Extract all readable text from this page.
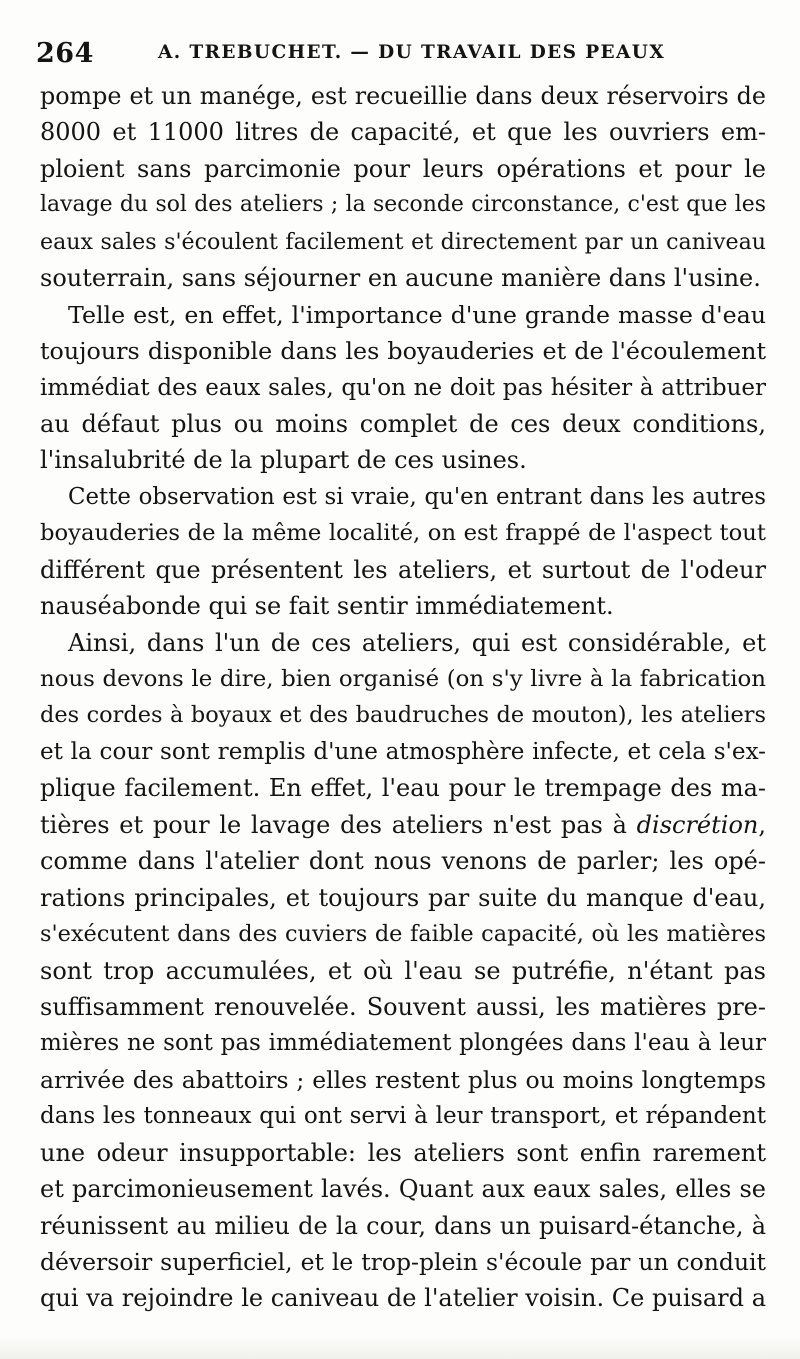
264	A. TREBUCHET. — DU TRAVAIL DES PEAUX
pompe et un manége, est recueillie dans deux réservoirs de
8000 et 11000 litres de capacité, et que les ouvriers em-
ploient sans parcimonie pour leurs opérations et pour le
lavage du sol des ateliers ; la seconde circonstance, c'est que les
eaux sales s'écoulent facilement et directement par un caniveau
souterrain, sans séjourner en aucune manière dans l'usine.
Telle est, en effet, l'importance d'une grande masse d'eau
toujours disponible dans les boyauderies et de l'écoulement
immédiat des eaux sales, qu'on ne doit pas hésiter à attribuer
au défaut plus ou moins complet de ces deux conditions,
l'insalubrité de la plupart de ces usines.
Cette observation est si vraie, qu'en entrant dans les autres
boyauderies de la même localité, on est frappé de l'aspect tout
différent que présentent les ateliers, et surtout de l'odeur
nauséabonde qui se fait sentir immédiatement.
Ainsi, dans l'un de ces ateliers, qui est considérable, et
nous devons le dire, bien organisé (on s'y livre à la fabrication
des cordes à boyaux et des baudruches de mouton), les ateliers
et la cour sont remplis d'une atmosphère infecte, et cela s'ex-
plique facilement. En effet, l'eau pour le trempage des ma-
tières et pour le lavage des ateliers n'est pas à discrétion,
comme dans l'atelier dont nous venons de parler; les opé-
rations principales, et toujours par suite du manque d'eau,
s'exécutent dans des cuviers de faible capacité, où les matières
sont trop accumulées, et où l'eau se putréfie, n'étant pas
suffisamment renouvelée. Souvent aussi, les matières pre-
mières ne sont pas immédiatement plongées dans l'eau à leur
arrivée des abattoirs ; elles restent plus ou moins longtemps
dans les tonneaux qui ont servi à leur transport, et répandent
une odeur insupportable: les ateliers sont enfin rarement
et parcimonieusement lavés. Quant aux eaux sales, elles se
réunissent au milieu de la cour, dans un puisard-étanche, à
déversoir superficiel, et le trop-plein s'écoule par un conduit
qui va rejoindre le caniveau de l'atelier voisin. Ce puisard a
